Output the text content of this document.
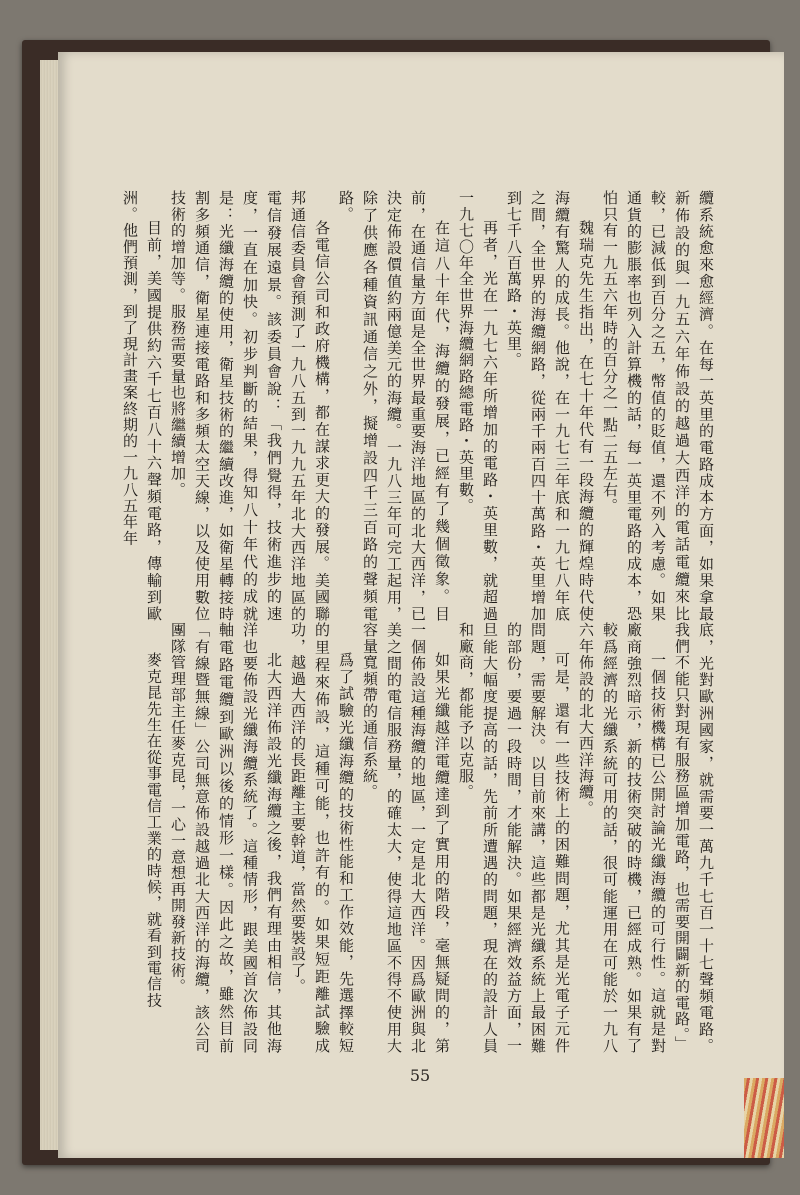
纜系統愈來愈經濟。在每一英里的電路成本方面，如果拿最新佈設的與一九五六年佈設的越過大西洋的電話電纜來比較，已減低到百分之五，幣值的貶值，還不列入考慮。如果通貨的膨脹率也列入計算機的話，每一英里電路的成本，恐怕只有一九五六年時的百分之一點二五左右。

魏瑞克先生指出，在七十年代有一段海纜的輝煌時代使海纜有驚人的成長。他說，在一九七三年底和一九七八年底之間，全世界的海纜網路，從兩千兩百四十萬路・英里增加到七千八百萬路・英里。

再者，光在一九七六年所增加的電路・英里數，就超過一九七〇年全世界海纜網路總電路・英里數。

在這八十年代，海纜的發展，已經有了幾個徵象。目前，在通信量方面是全世界最重要海洋地區的北大西洋，已決定佈設價值約兩億美元的海纜。一九八三年可完工起用，除了供應各種資訊通信之外，擬增設四千三百路的聲頻電路。

各電信公司和政府機構，都在謀求更大的發展。美國聯邦通信委員會預測了一九八五到一九九五年北大西洋地區的電信發展遠景。該委員會說：「我們覺得，技術進步的速度，一直在加快。初步判斷的結果，得知八十年代的成就是：光纖海纜的使用，衛星技術的繼續改進，如衛星轉接時割多頻通信，衛星連接電路和多頻太空天線，以及使用數位技術的增加等。服務需要量也將繼續增加。

目前，美國提供約六千七百八十六聲頻電路，傳輸到歐洲。他們預測，到了現計畫案終期的一九八五年年

底，光對歐洲國家，就需要一萬九千七百一十七聲頻電路。我們不能只對現有服務區增加電路，也需要開闢新的電路。」

一個技術機構已公開討論光纖海纜的可行性。這就是對廠商強烈暗示，新的技術突破的時機，已經成熟。如果有了較爲經濟的光纖系統可用的話，很可能運用在可能於一九八六年佈設的北大西洋海纜。

可是，還有一些技術上的困難問題，尤其是光電子元件問題，需要解決。以目前來講，這些都是光纖系統上最困難的部份，要過一段時間，才能解決。如果經濟效益方面，一旦能大幅度提高的話，先前所遭遇的問題，現在的設計人員和廠商，都能予以克服。

如果光纖越洋電纜達到了實用的階段，毫無疑問的，第一個佈設這種海纜的地區，一定是北大西洋。因爲歐洲與北美之間的電信服務量，的確太大，使得這地區不得不使用大容量寬頻帶的通信系統。

爲了試驗光纖海纜的技術性能和工作效能，先選擇較短的里程來佈設，這種可能，也許有的。如果短距離試驗成功，越過大西洋的長距離主要幹道，當然要裝設了。

北大西洋佈設光纖海纜之後，我們有理由相信，其他海洋也要佈設光纖海纜系統了。這種情形，跟美國首次佈設同軸電路電纜到歐洲以後的情形一樣。因此之故，雖然目前「有線暨無線」公司無意佈設越過北大西洋的海纜，該公司團隊管理部主任麥克昆，一心一意想再開發新技術。

麥克昆先生在從事電信工業的時候，就看到電信技

55
